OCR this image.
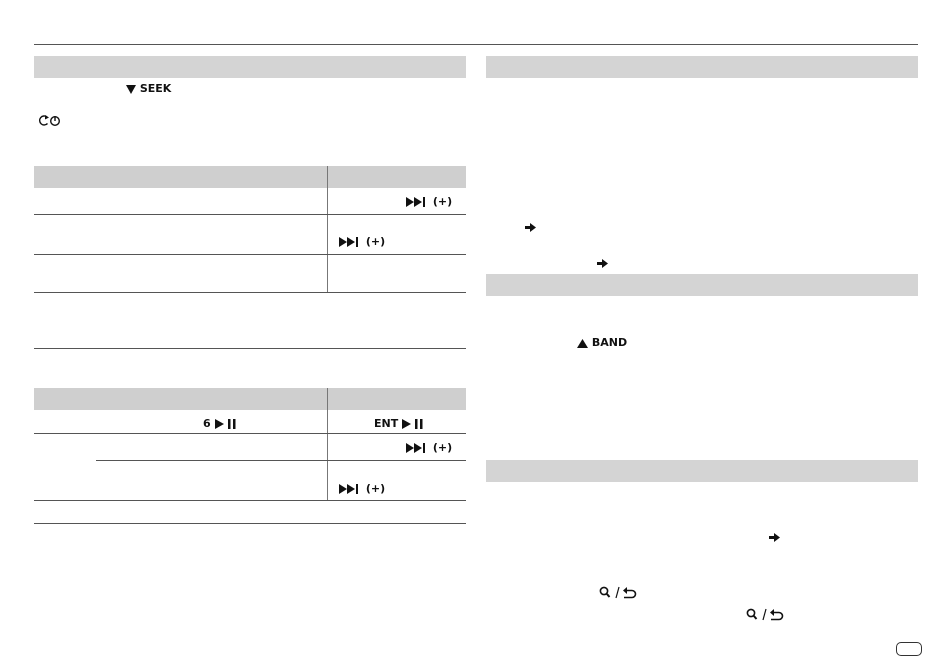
SEEK
(+)
(+)
6	ENT
(+)
(+)
BAND
